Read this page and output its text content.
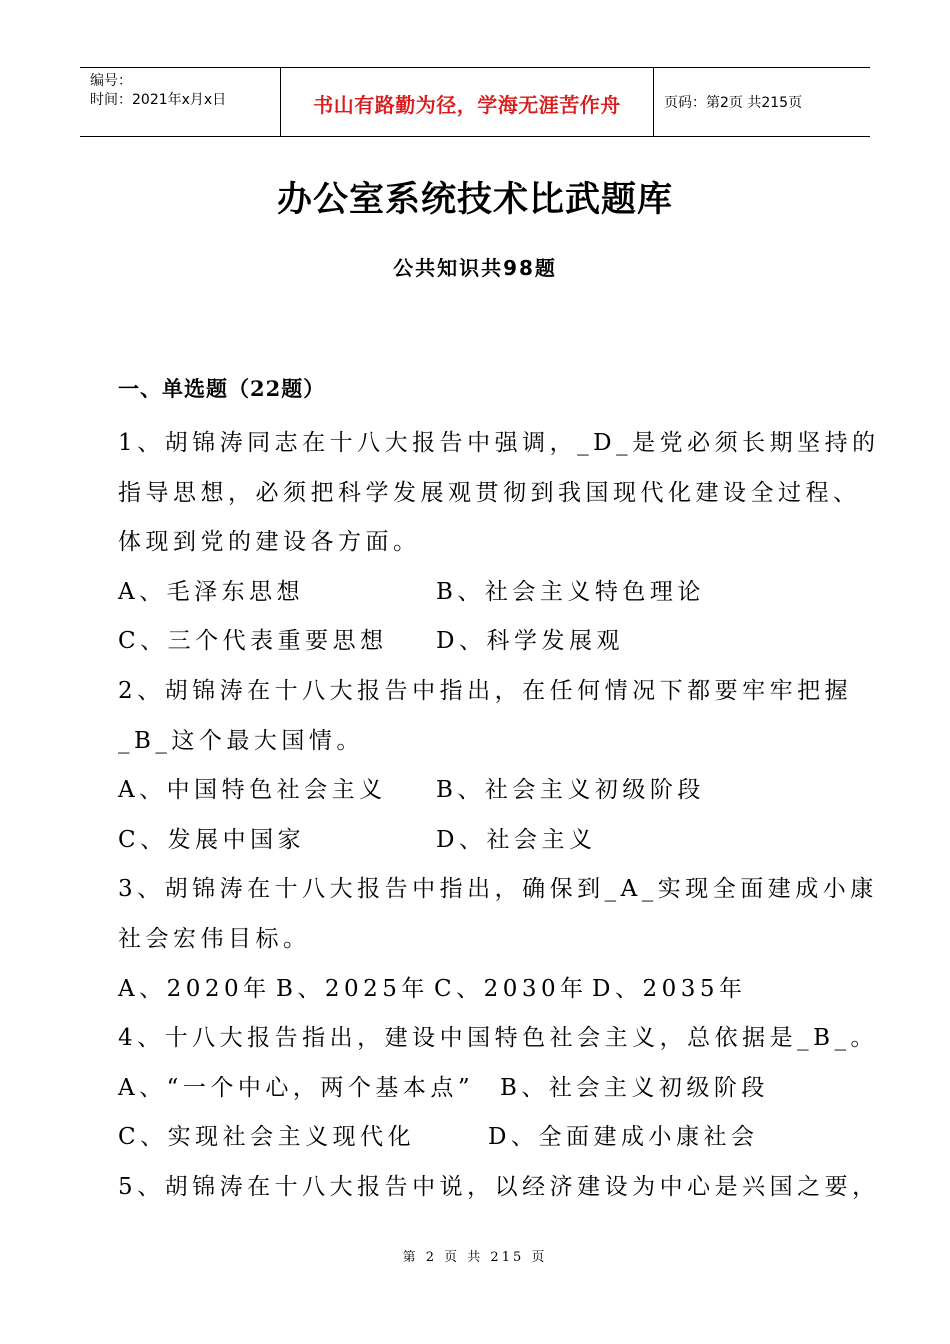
编号：
时间：2021年x月x日	书山有路勤为径，学海无涯苦作舟	页码：第2页 共215页
办公室系统技术比武题库
公共知识共98题
一、单选题（22题）
1、胡锦涛同志在十八大报告中强调，_D_是党必须长期坚持的
指导思想，必须把科学发展观贯彻到我国现代化建设全过程、
体现到党的建设各方面。
A、毛泽东思想	B、社会主义特色理论
C、三个代表重要思想 D、科学发展观
2、胡锦涛在十八大报告中指出，在任何情况下都要牢牢把握
_B_这个最大国情。
A、中国特色社会主义 B、社会主义初级阶段
C、发展中国家	D、社会主义
3、胡锦涛在十八大报告中指出，确保到_A_实现全面建成小康
社会宏伟目标。
A、2020年 B、2025年 C、2030年 D、2035年
4、十八大报告指出，建设中国特色社会主义，总依据是_B_。
A、“一个中心，两个基本点” B、社会主义初级阶段
C、实现社会主义现代化	D、全面建成小康社会
5、胡锦涛在十八大报告中说，以经济建设为中心是兴国之要，
第 2 页 共 215 页
